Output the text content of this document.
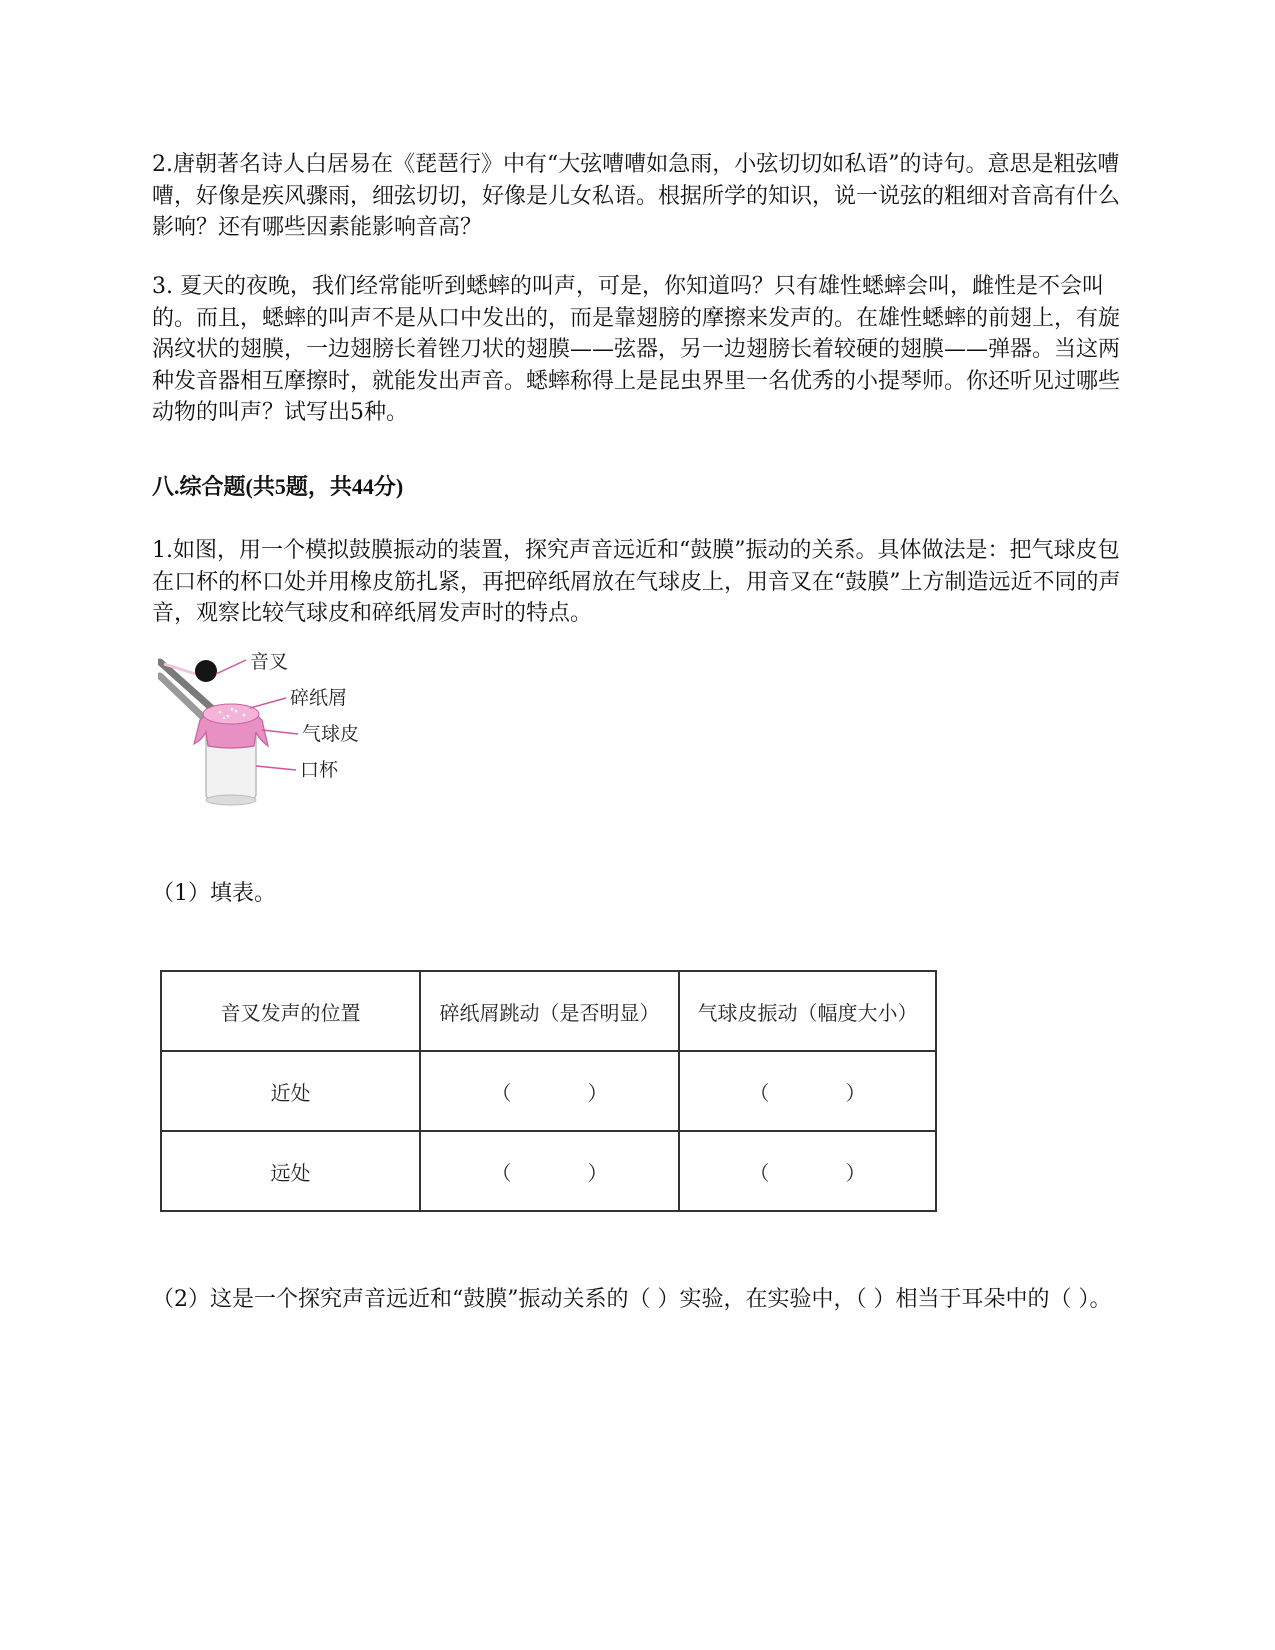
2.唐朝著名诗人白居易在《琵琶行》中有“大弦嘈嘈如急雨，小弦切切如私语”的诗句。意思是粗弦嘈嘈，好像是疾风骤雨，细弦切切，好像是儿女私语。根据所学的知识，说一说弦的粗细对音高有什么影响？还有哪些因素能影响音高？

3. 夏天的夜晚，我们经常能听到蟋蟀的叫声，可是，你知道吗？只有雄性蟋蟀会叫，雌性是不会叫的。而且，蟋蟀的叫声不是从口中发出的，而是靠翅膀的摩擦来发声的。在雄性蟋蟀的前翅上，有旋涡纹状的翅膜，一边翅膀长着锉刀状的翅膜——弦器，另一边翅膀长着较硬的翅膜——弹器。当这两种发音器相互摩擦时，就能发出声音。蟋蟀称得上是昆虫界里一名优秀的小提琴师。你还听见过哪些动物的叫声？试写出5种。

八.综合题(共5题，共44分)

1.如图，用一个模拟鼓膜振动的装置，探究声音远近和“鼓膜”振动的关系。具体做法是：把气球皮包在口杯的杯口处并用橡皮筋扎紧，再把碎纸屑放在气球皮上，用音叉在“鼓膜”上方制造远近不同的声音，观察比较气球皮和碎纸屑发声时的特点。

音叉
碎纸屑
气球皮
口杯

（1）填表。

音叉发声的位置	碎纸屑跳动（是否明显）	气球皮振动（幅度大小）
近处	（            ）	（            ）
远处	（            ）	（            ）

（2）这是一个探究声音远近和“鼓膜”振动关系的（ ）实验，在实验中，（ ）相当于耳朵中的（ ）。
